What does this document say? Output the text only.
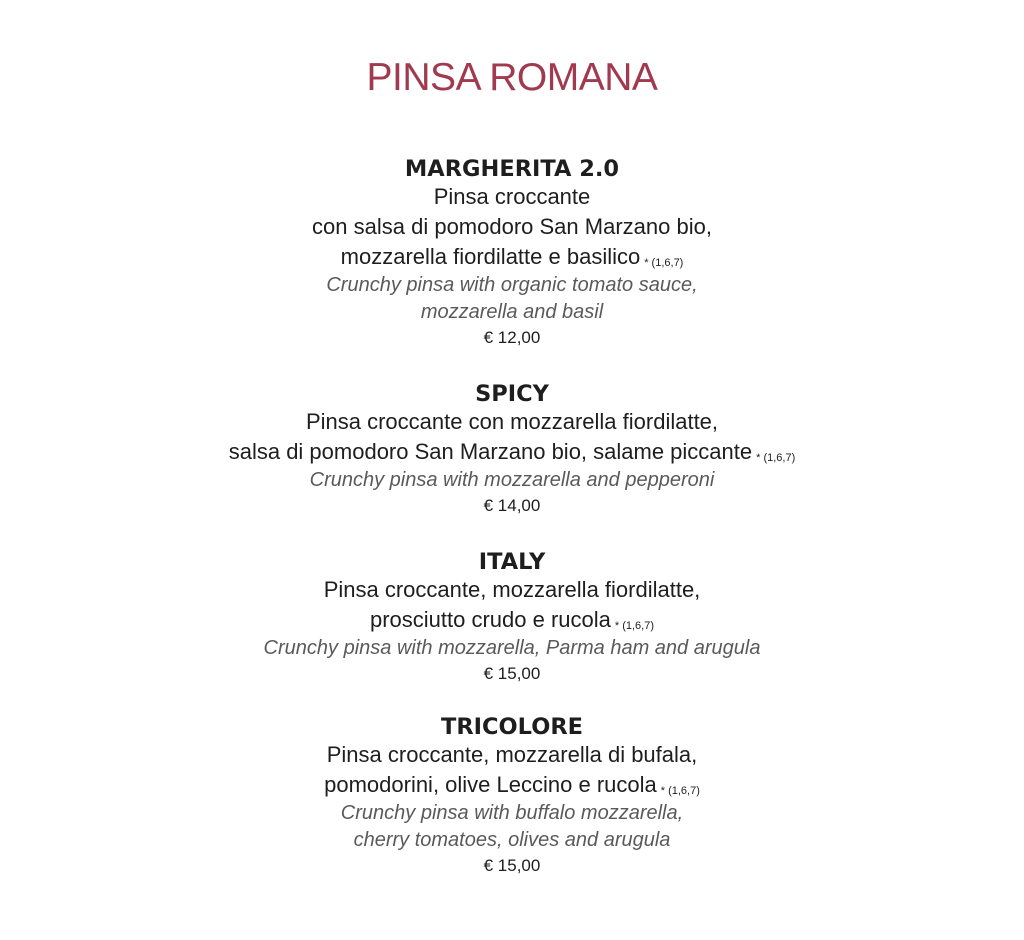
PINSA ROMANA
MARGHERITA 2.0
Pinsa croccante
con salsa di pomodoro San Marzano bio,
mozzarella fiordilatte e basilico * (1,6,7)
Crunchy pinsa with organic tomato sauce,
mozzarella and basil
€ 12,00
SPICY
Pinsa croccante con mozzarella fiordilatte,
salsa di pomodoro San Marzano bio, salame piccante * (1,6,7)
Crunchy pinsa with mozzarella and pepperoni
€ 14,00
ITALY
Pinsa croccante, mozzarella fiordilatte,
prosciutto crudo e rucola * (1,6,7)
Crunchy pinsa with mozzarella, Parma ham and arugula
€ 15,00
TRICOLORE
Pinsa croccante, mozzarella di bufala,
pomodorini, olive Leccino e rucola * (1,6,7)
Crunchy pinsa with buffalo mozzarella,
cherry tomatoes, olives and arugula
€ 15,00
